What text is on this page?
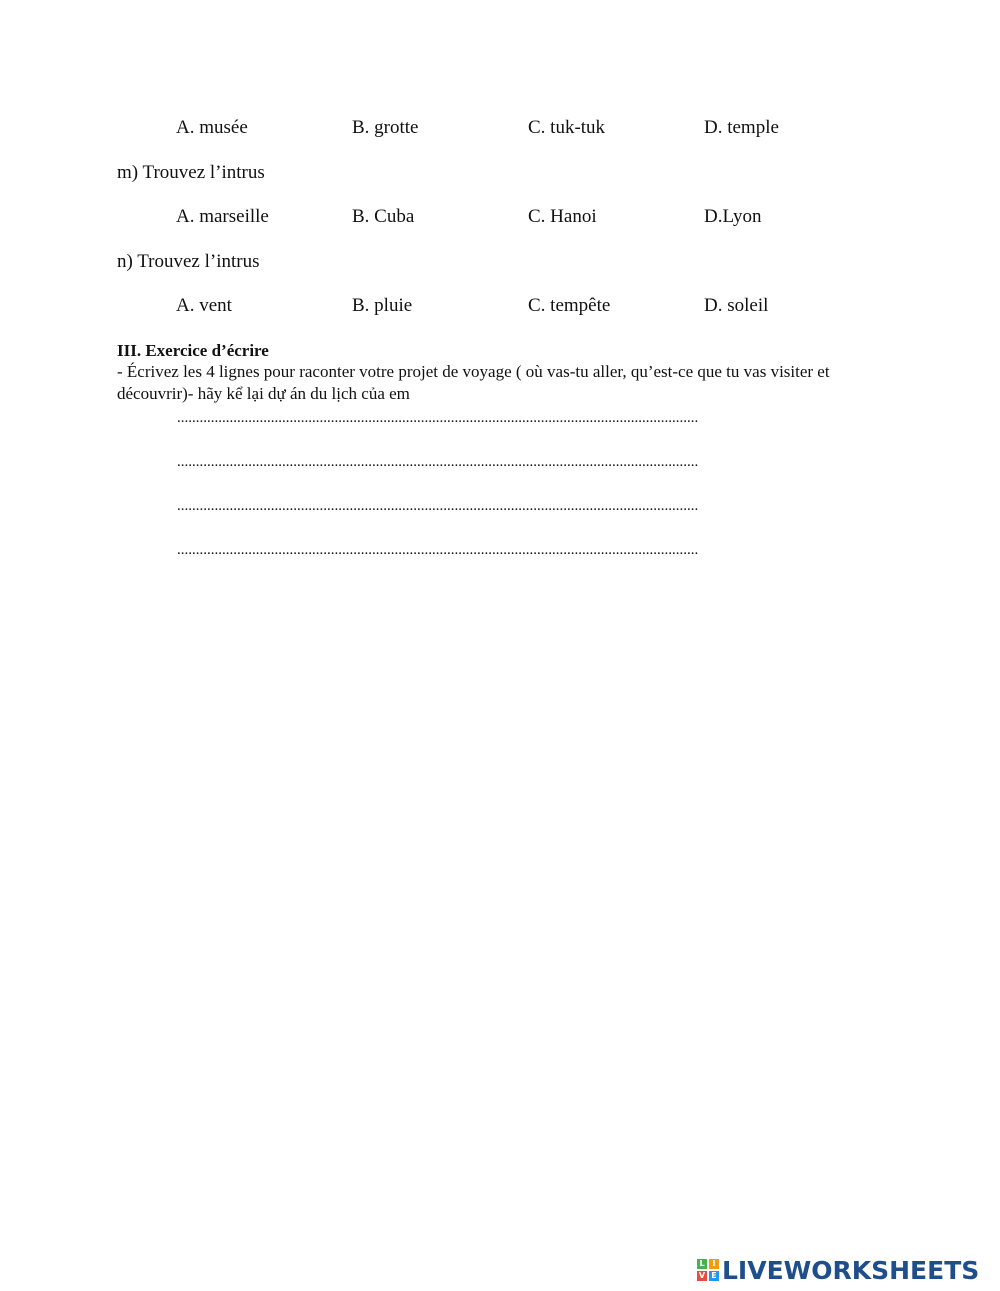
A. musée	B. grotte	C. tuk-tuk	D. temple
m) Trouvez l’intrus
A. marseille	B. Cuba	C. Hanoi	D.Lyon
n) Trouvez l’intrus
A. vent	B. pluie	C. tempête	D. soleil
III. Exercice d’écrire
- Écrivez les 4 lignes pour raconter votre projet de voyage ( où vas-tu aller, qu’est-ce que tu vas visiter et découvrir)- hãy kể lại dự án du lịch của em
...........................................................................................................................................
...........................................................................................................................................
...........................................................................................................................................
...........................................................................................................................................
L I
V E LIVEWORKSHEETS
